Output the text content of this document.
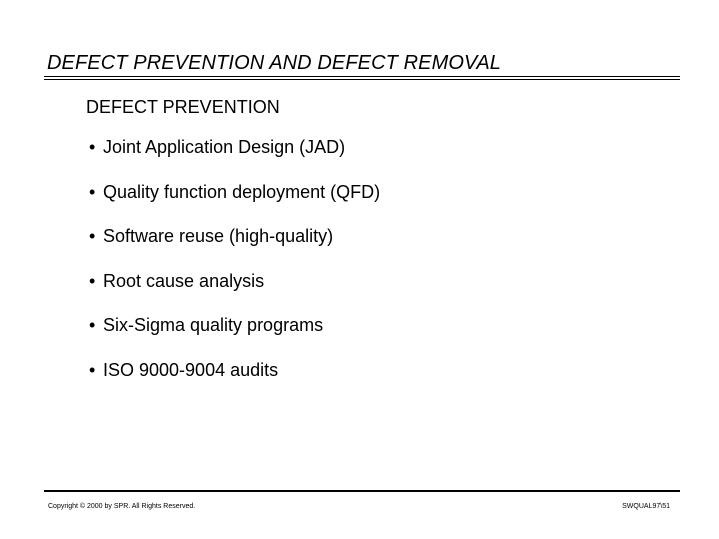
DEFECT PREVENTION AND DEFECT REMOVAL
DEFECT PREVENTION
• Joint Application Design (JAD)
• Quality function deployment (QFD)
• Software reuse (high-quality)
• Root cause analysis
• Six-Sigma quality programs
• ISO 9000-9004 audits
Copyright © 2000 by SPR. All Rights Reserved.	SWQUAL97\51
